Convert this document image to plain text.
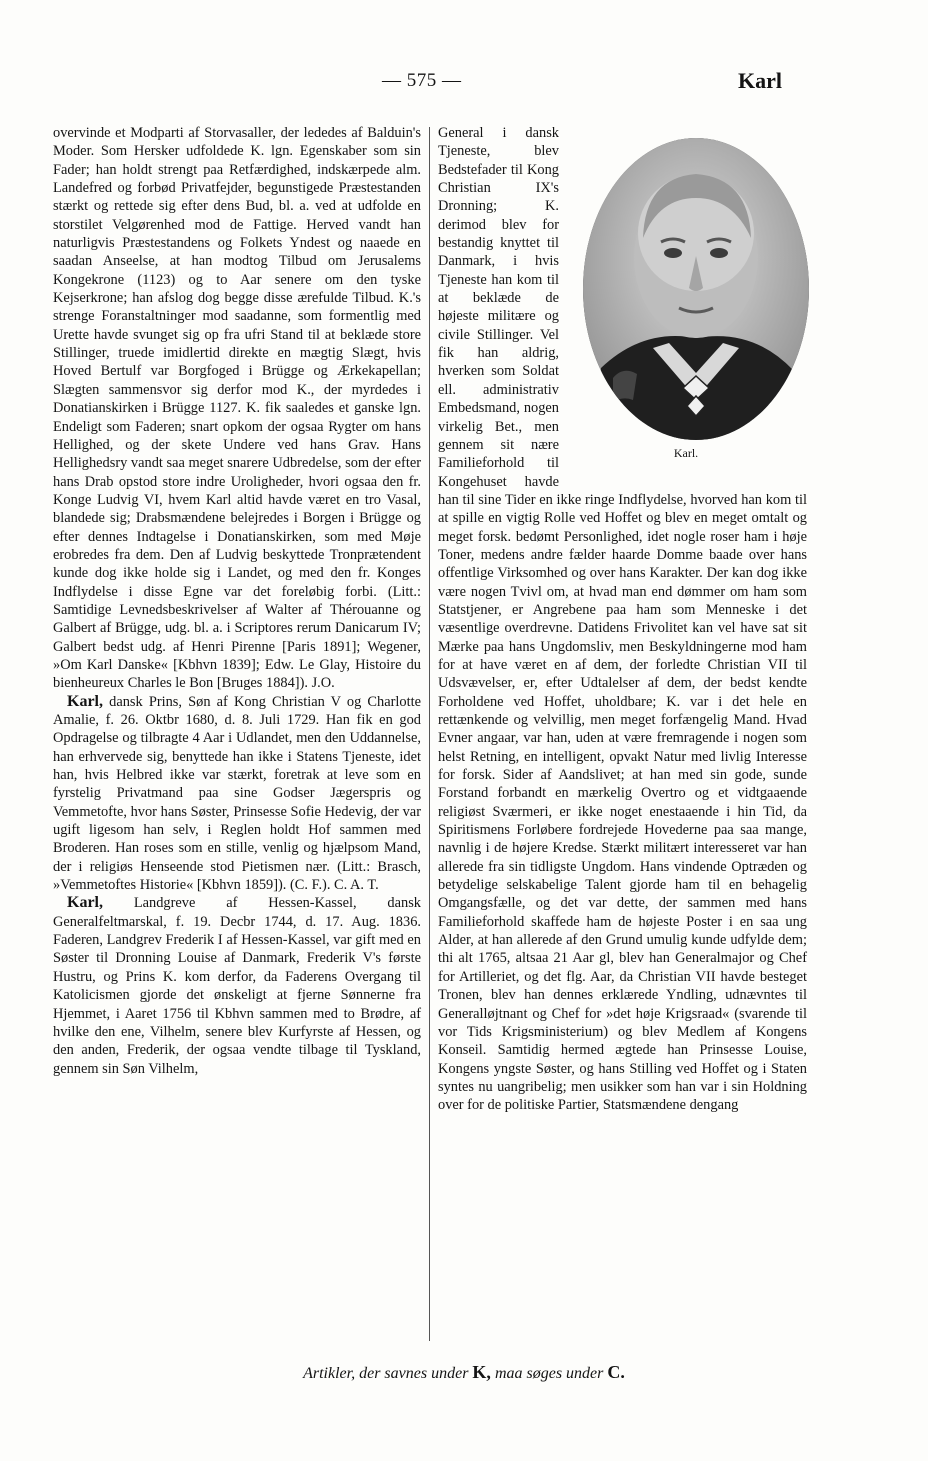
— 575 —	Karl

overvinde et Modparti af Storvasaller, der lededes af Balduin's Moder. Som Hersker udfoldede K. lgn. Egenskaber som sin Fader; han holdt strengt paa Retfærdighed, indskærpede alm. Landefred og forbød Privatfejder, begunstigede Præstestanden stærkt og rettede sig efter dens Bud, bl. a. ved at udfolde en storstilet Velgørenhed mod de Fattige. Herved vandt han naturligvis Præstestandens og Folkets Yndest og naaede en saadan Anseelse, at han modtog Tilbud om Jerusalems Kongekrone (1123) og to Aar senere om den tyske Kejserkrone; han afslog dog begge disse ærefulde Tilbud. K.'s strenge Foranstaltninger mod saadanne, som formentlig med Urette havde svunget sig op fra ufri Stand til at beklæde store Stillinger, truede imidlertid direkte en mægtig Slægt, hvis Hoved Bertulf var Borgfoged i Brügge og Ærkekapellan; Slægten sammensvor sig derfor mod K., der myrdedes i Donatianskirken i Brügge 1127. K. fik saaledes et ganske lgn. Endeligt som Faderen; snart opkom der ogsaa Rygter om hans Hellighed, og der skete Undere ved hans Grav. Hans Hellighedsry vandt saa meget snarere Udbredelse, som der efter hans Drab opstod store indre Uroligheder, hvori ogsaa den fr. Konge Ludvig VI, hvem Karl altid havde været en tro Vasal, blandede sig; Drabsmændene belejredes i Borgen i Brügge og efter dennes Indtagelse i Donatianskirken, som med Møje erobredes fra dem. Den af Ludvig beskyttede Tronprætendent kunde dog ikke holde sig i Landet, og med den fr. Konges Indflydelse i disse Egne var det foreløbig forbi. (Litt.: Samtidige Levnedsbeskrivelser af Walter af Thérouanne og Galbert af Brügge, udg. bl. a. i Scriptores rerum Danicarum IV; Galbert bedst udg. af Henri Pirenne [Paris 1891]; Wegener, »Om Karl Danske« [Kbhvn 1839]; Edw. Le Glay, Histoire du bienheureux Charles le Bon [Bruges 1884]). J.O.

Karl, dansk Prins, Søn af Kong Christian V og Charlotte Amalie, f. 26. Oktbr 1680, d. 8. Juli 1729. Han fik en god Opdragelse og tilbragte 4 Aar i Udlandet, men den Uddannelse, han erhvervede sig, benyttede han ikke i Statens Tjeneste, idet han, hvis Helbred ikke var stærkt, foretrak at leve som en fyrstelig Privatmand paa sine Godser Jægerspris og Vemmetofte, hvor hans Søster, Prinsesse Sofie Hedevig, der var ugift ligesom han selv, i Reglen holdt Hof sammen med Broderen. Han roses som en stille, venlig og hjælpsom Mand, der i religiøs Henseende stod Pietismen nær. (Litt.: Brasch, »Vemmetoftes Historie« [Kbhvn 1859]). (C. F.). C. A. T.

Karl, Landgreve af Hessen-Kassel, dansk Generalfeltmarskal, f. 19. Decbr 1744, d. 17. Aug. 1836. Faderen, Landgrev Frederik I af Hessen-Kassel, var gift med en Søster til Dronning Louise af Danmark, Frederik V's første Hustru, og Prins K. kom derfor, da Faderens Overgang til Katolicismen gjorde det ønskeligt at fjerne Sønnerne fra Hjemmet, i Aaret 1756 til Kbhvn sammen med to Brødre, af hvilke den ene, Vilhelm, senere blev Kurfyrste af Hessen, og den anden, Frederik, der ogsaa vendte tilbage til Tyskland, gennem sin Søn Vilhelm,

Karl.

General i dansk Tjeneste, blev Bedstefader til Kong Christian IX's Dronning; K. derimod blev for bestandig knyttet til Danmark, i hvis Tjeneste han kom til at beklæde de højeste militære og civile Stillinger. Vel fik han aldrig, hverken som Soldat ell. administrativ Embedsmand, nogen virkelig Bet., men gennem sit nære Familieforhold til Kongehuset havde han til sine Tider en ikke ringe Indflydelse, hvorved han kom til at spille en vigtig Rolle ved Hoffet og blev en meget omtalt og meget forsk. bedømt Personlighed, idet nogle roser ham i høje Toner, medens andre fælder haarde Domme baade over hans offentlige Virksomhed og over hans Karakter. Der kan dog ikke være nogen Tvivl om, at hvad man end dømmer om ham som Statstjener, er Angrebene paa ham som Menneske i det væsentlige overdrevne. Datidens Frivolitet kan vel have sat sit Mærke paa hans Ungdomsliv, men Beskyldningerne mod ham for at have været en af dem, der forledte Christian VII til Udsvævelser, er, efter Udtalelser af dem, der bedst kendte Forholdene ved Hoffet, uholdbare; K. var i det hele en rettænkende og velvillig, men meget forfængelig Mand. Hvad Evner angaar, var han, uden at være fremragende i nogen som helst Retning, en intelligent, opvakt Natur med livlig Interesse for forsk. Sider af Aandslivet; at han med sin gode, sunde Forstand forbandt en mærkelig Overtro og et vidtgaaende religiøst Sværmeri, er ikke noget enestaaende i hin Tid, da Spiritismens Forløbere fordrejede Hovederne paa saa mange, navnlig i de højere Kredse. Stærkt militært interesseret var han allerede fra sin tidligste Ungdom. Hans vindende Optræden og betydelige selskabelige Talent gjorde ham til en behagelig Omgangsfælle, og det var dette, der sammen med hans Familieforhold skaffede ham de højeste Poster i en saa ung Alder, at han allerede af den Grund umulig kunde udfylde dem; thi alt 1765, altsaa 21 Aar gl, blev han Generalmajor og Chef for Artilleriet, og det flg. Aar, da Christian VII havde besteget Tronen, blev han dennes erklærede Yndling, udnævntes til Generalløjtnant og Chef for »det høje Krigsraad« (svarende til vor Tids Krigsministerium) og blev Medlem af Kongens Konseil. Samtidig hermed ægtede han Prinsesse Louise, Kongens yngste Søster, og hans Stilling ved Hoffet og i Staten syntes nu uangribelig; men usikker som han var i sin Holdning over for de politiske Partier, Statsmændene dengang

Artikler, der savnes under K, maa søges under C.
